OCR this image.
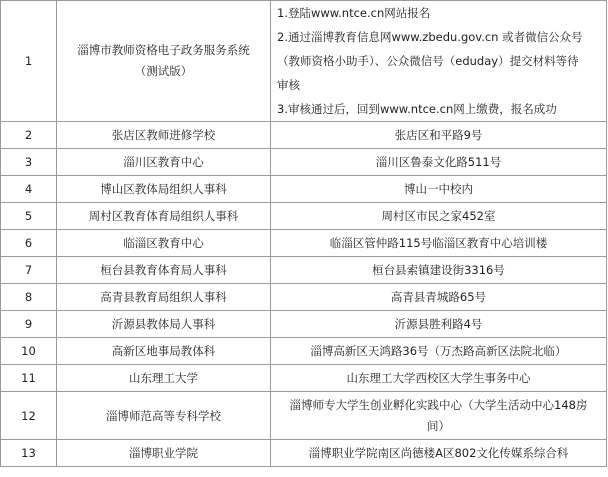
1	淄博市教师资格电子政务服务系统
（测试版）	1.登陆www.ntce.cn网站报名
2.通过淄博教育信息网www.zbedu.gov.cn 或者微信公众号
（教师资格小助手）、公众微信号（eduday）提交材料等待
审核
3.审核通过后，回到www.ntce.cn网上缴费，报名成功

2	张店区教师进修学校	张店区和平路9号
3	淄川区教育中心	淄川区鲁泰文化路511号
4	博山区教体局组织人事科	博山一中校内
5	周村区教育体育局组织人事科	周村区市民之家452室
6	临淄区教育中心	临淄区管仲路115号临淄区教育中心培训楼
7	桓台县教育体育局人事科	桓台县索镇建设街3316号
8	高青县教育局组织人事科	高青县青城路65号
9	沂源县教体局人事科	沂源县胜利路4号
10	高新区地事局教体科	淄博高新区天鸿路36号（万杰路高新区法院北临）
11	山东理工大学	山东理工大学西校区大学生事务中心
12	淄博师范高等专科学校	淄博师专大学生创业孵化实践中心（大学生活动中心148房
间）

13	淄博职业学院	淄博职业学院南区尚德楼A区802文化传媒系综合科
